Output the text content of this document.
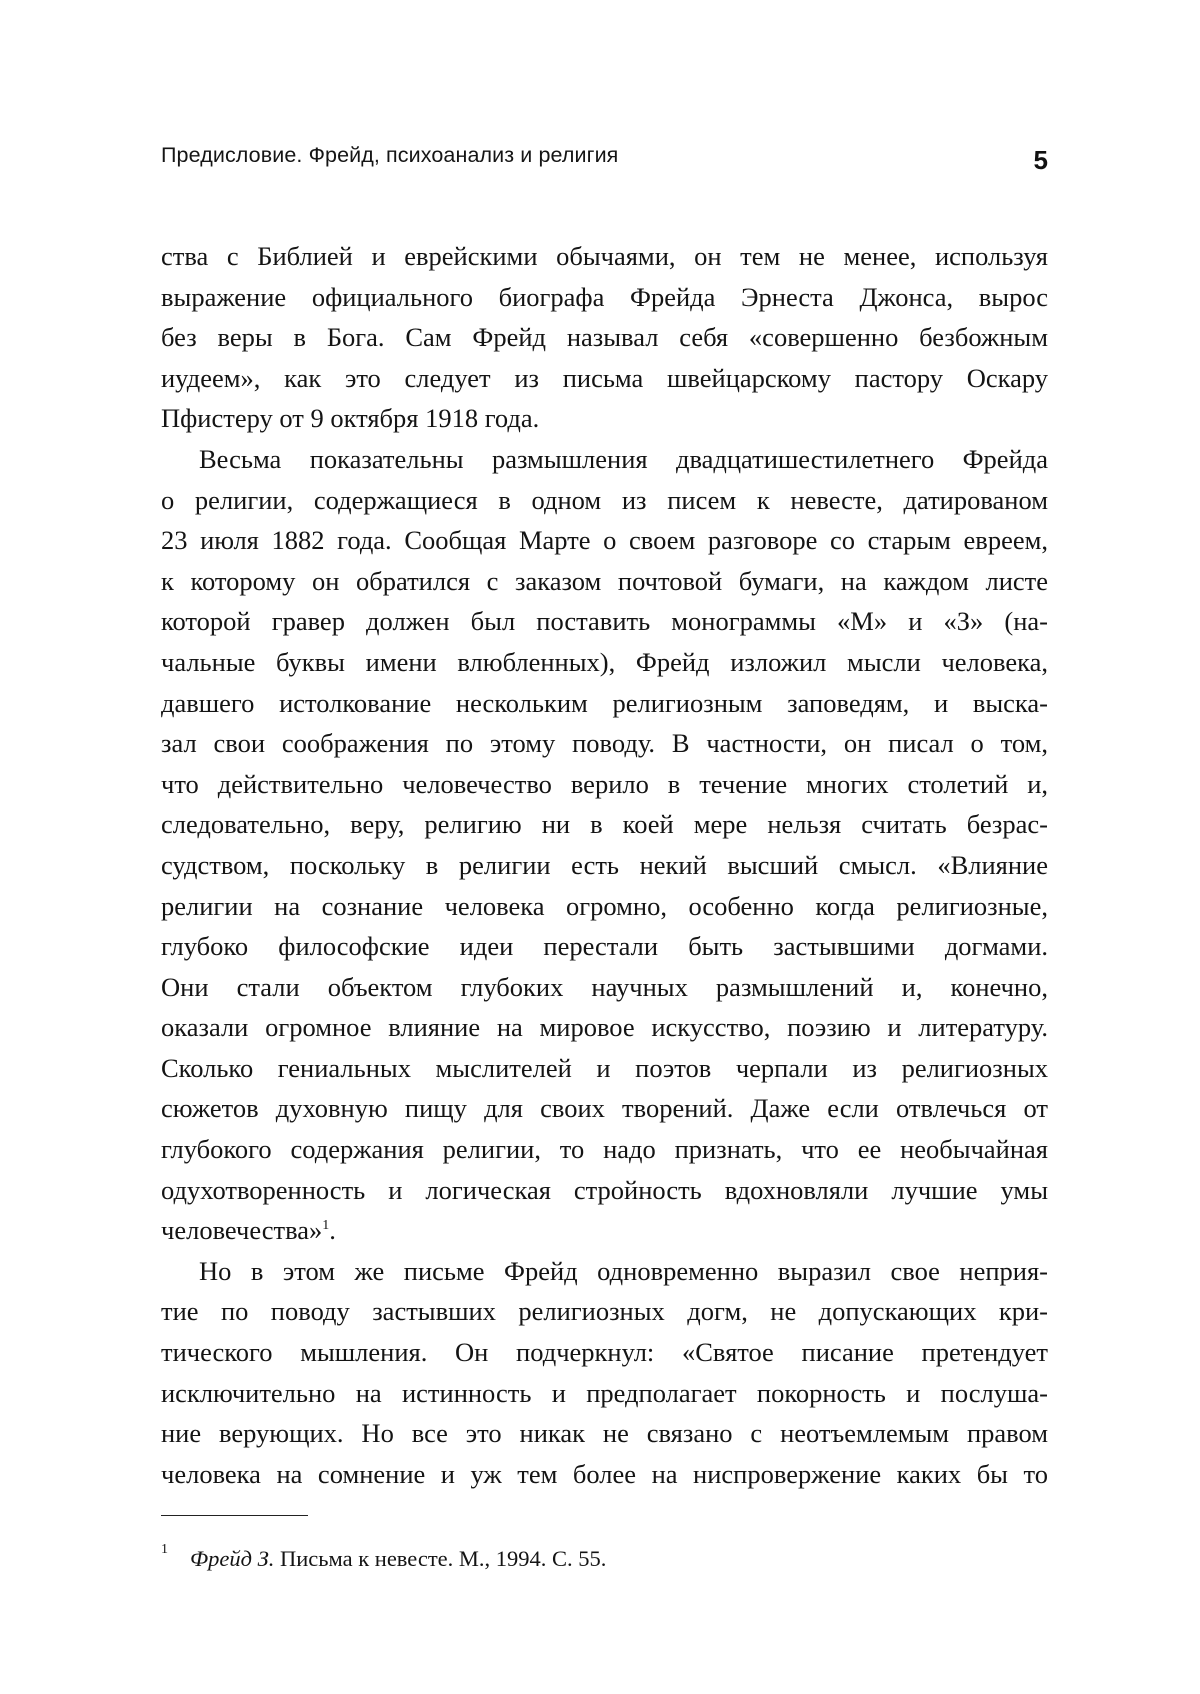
Предисловие. Фрейд, психоанализ и религия	5
ства с Библией и еврейскими обычаями, он тем не менее, используя
выражение официального биографа Фрейда Эрнеста Джонса, вырос
без веры в Бога. Сам Фрейд называл себя «совершенно безбожным
иудеем», как это следует из письма швейцарскому пастору Оскару
Пфистеру от 9 октября 1918 года.
Весьма показательны размышления двадцатишестилетнего Фрейда
о религии, содержащиеся в одном из писем к невесте, датированом
23 июля 1882 года. Сообщая Марте о своем разговоре со старым евреем,
к которому он обратился с заказом почтовой бумаги, на каждом листе
которой гравер должен был поставить монограммы «М» и «З» (на-
чальные буквы имени влюбленных), Фрейд изложил мысли человека,
давшего истолкование нескольким религиозным заповедям, и выска-
зал свои соображения по этому поводу. В частности, он писал о том,
что действительно человечество верило в течение многих столетий и,
следовательно, веру, религию ни в коей мере нельзя считать безрас-
судством, поскольку в религии есть некий высший смысл. «Влияние
религии на сознание человека огромно, особенно когда религиозные,
глубоко философские идеи перестали быть застывшими догмами.
Они стали объектом глубоких научных размышлений и, конечно,
оказали огромное влияние на мировое искусство, поэзию и литературу.
Сколько гениальных мыслителей и поэтов черпали из религиозных
сюжетов духовную пищу для своих творений. Даже если отвлечься от
глубокого содержания религии, то надо признать, что ее необычайная
одухотворенность и логическая стройность вдохновляли лучшие умы
человечества»$^1$.
Но в этом же письме Фрейд одновременно выразил свое неприя-
тие по поводу застывших религиозных догм, не допускающих кри-
тического мышления. Он подчеркнул: «Святое писание претендует
исключительно на истинность и предполагает покорность и послуша-
ние верующих. Но все это никак не связано с неотъемлемым правом
человека на сомнение и уж тем более на ниспровержение каких бы то
1 Фрейд З. Письма к невесте. М., 1994. С. 55.
